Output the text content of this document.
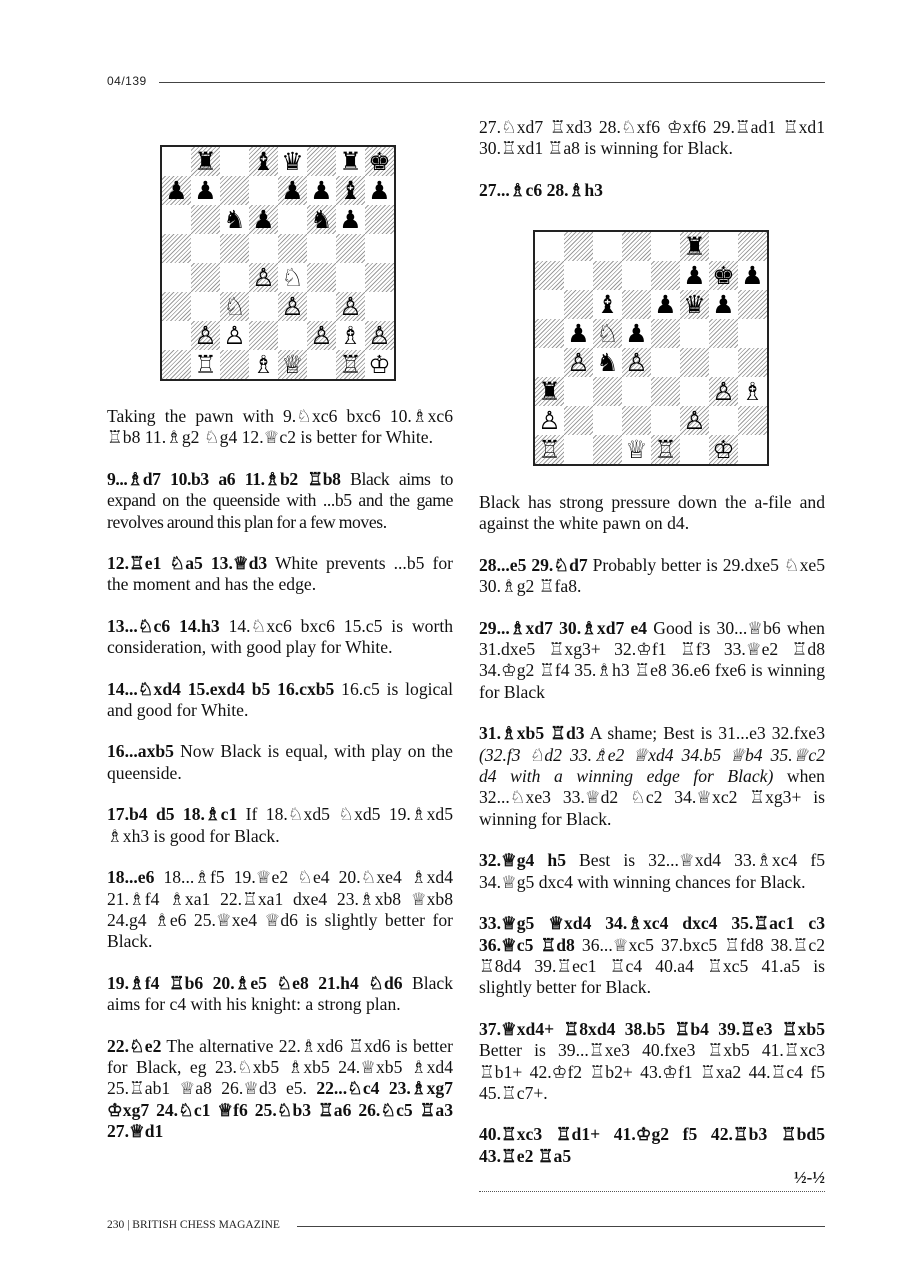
04/139
♜ ♝ ♛ ♜ ♚
♟ ♟	♟ ♟ ♝ ♟
♞ ♟ ♞ ♟
♙ ♘
♘ ♙ ♙
♙ ♙	♙ ♗ ♙
♖ ♗ ♕ ♖ ♔
♜
♟ ♚ ♟
♝ ♟ ♛ ♟
♟ ♘ ♟
♙ ♞ ♙
♜	♙ ♗
♙	♙
♖	♕ ♖ ♔

Taking the pawn with 9.♘xc6 bxc6 10.♗xc6 ♖b8 11.♗g2 ♘g4 12.♕c2 is better for White.

9...♗d7 10.b3 a6 11.♗b2 ♖b8 Black aims to expand on the queenside with ...b5 and the game revolves around this plan for a few moves.

12.♖e1 ♘a5 13.♕d3 White prevents ...b5 for the moment and has the edge.

13...♘c6 14.h3 14.♘xc6 bxc6 15.c5 is worth consideration, with good play for White.

14...♘xd4 15.exd4 b5 16.cxb5 16.c5 is logical and good for White.

16...axb5 Now Black is equal, with play on the queenside.

17.b4 d5 18.♗c1 If 18.♘xd5 ♘xd5 19.♗xd5 ♗xh3 is good for Black.

18...e6 18...♗f5 19.♕e2 ♘e4 20.♘xe4 ♗xd4 21.♗f4 ♗xa1 22.♖xa1 dxe4 23.♗xb8 ♕xb8 24.g4 ♗e6 25.♕xe4 ♕d6 is slightly better for Black.

19.♗f4 ♖b6 20.♗e5 ♘e8 21.h4 ♘d6 Black aims for c4 with his knight: a strong plan.

22.♘e2 The alternative 22.♗xd6 ♖xd6 is better for Black, eg 23.♘xb5 ♗xb5 24.♕xb5 ♗xd4 25.♖ab1 ♕a8 26.♕d3 e5. 22...♘c4 23.♗xg7 ♔xg7 24.♘c1 ♕f6 25.♘b3 ♖a6 26.♘c5 ♖a3 27.♕d1

27.♘xd7 ♖xd3 28.♘xf6 ♔xf6 29.♖ad1 ♖xd1 30.♖xd1 ♖a8 is winning for Black.

27...♗c6 28.♗h3

Black has strong pressure down the a-file and against the white pawn on d4.

28...e5 29.♘d7 Probably better is 29.dxe5 ♘xe5 30.♗g2 ♖fa8.

29...♗xd7 30.♗xd7 e4 Good is 30...♕b6 when 31.dxe5 ♖xg3+ 32.♔f1 ♖f3 33.♕e2 ♖d8 34.♔g2 ♖f4 35.♗h3 ♖e8 36.e6 fxe6 is winning for Black

31.♗xb5 ♖d3 A shame; Best is 31...e3 32.fxe3 (32.f3 ♘d2 33.♗e2 ♕xd4 34.b5 ♕b4 35.♕c2 d4 with a winning edge for Black) when 32...♘xe3 33.♕d2 ♘c2 34.♕xc2 ♖xg3+ is winning for Black.

32.♕g4 h5 Best is 32...♕xd4 33.♗xc4 f5 34.♕g5 dxc4 with winning chances for Black.

33.♕g5 ♕xd4 34.♗xc4 dxc4 35.♖ac1 c3 36.♕c5 ♖d8 36...♕xc5 37.bxc5 ♖fd8 38.♖c2 ♖8d4 39.♖ec1 ♖c4 40.a4 ♖xc5 41.a5 is slightly better for Black.

37.♕xd4+ ♖8xd4 38.b5 ♖b4 39.♖e3 ♖xb5 Better is 39...♖xe3 40.fxe3 ♖xb5 41.♖xc3 ♖b1+ 42.♔f2 ♖b2+ 43.♔f1 ♖xa2 44.♖c4 f5 45.♖c7+.

40.♖xc3 ♖d1+ 41.♔g2 f5 42.♖b3 ♖bd5 43.♖e2 ♖a5

½-½
230 | BRITISH CHESS MAGAZINE
